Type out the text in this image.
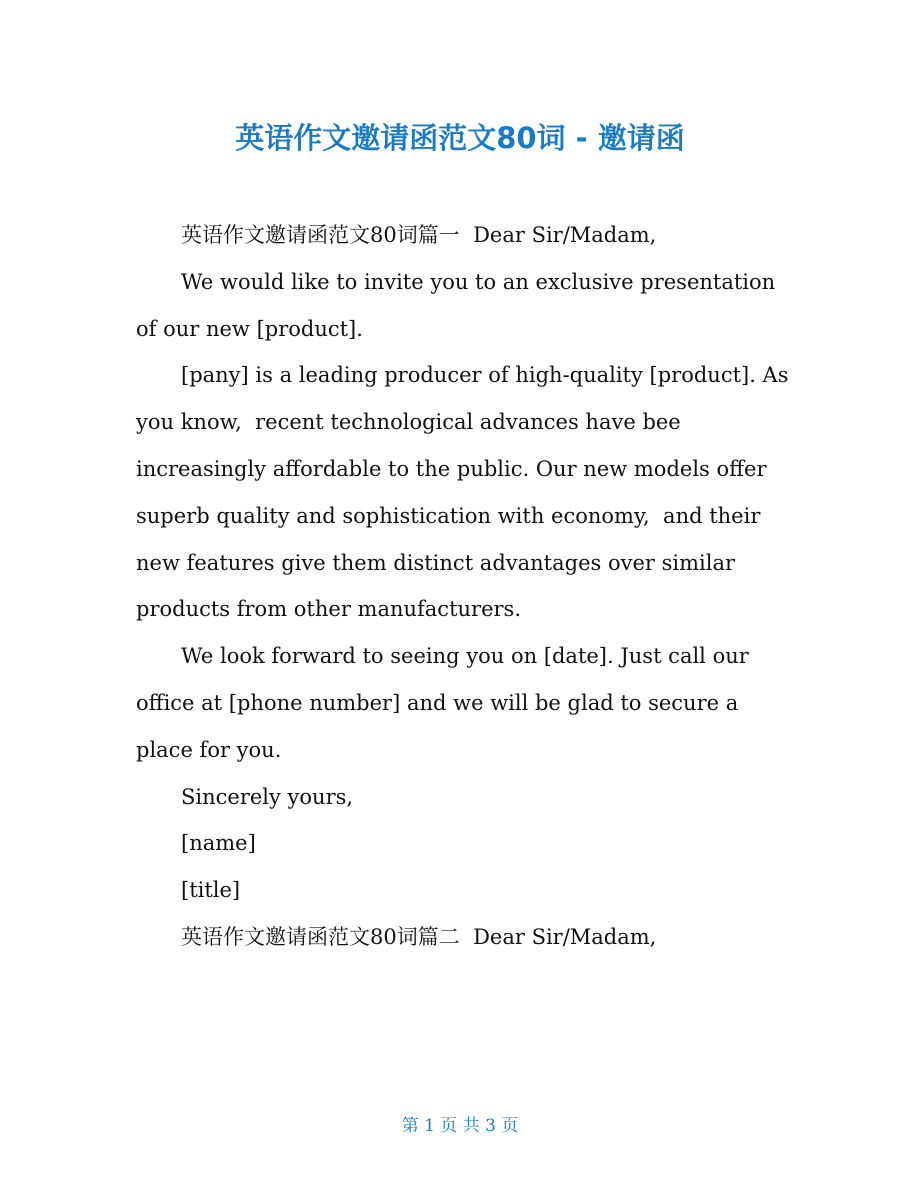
英语作文邀请函范文80词 - 邀请函

英语作文邀请函范文80词篇一  Dear Sir/Madam,

We would like to invite you to an exclusive presentation of our new [product].

[pany] is a leading producer of high-quality [product]. As you know,  recent technological advances have bee increasingly affordable to the public. Our new models offer superb quality and sophistication with economy,  and their new features give them distinct advantages over similar products from other manufacturers.

We look forward to seeing you on [date]. Just call our office at [phone number] and we will be glad to secure a place for you.

Sincerely yours,

[name]

[title]

英语作文邀请函范文80词篇二  Dear Sir/Madam,

第 1 页 共 3 页
